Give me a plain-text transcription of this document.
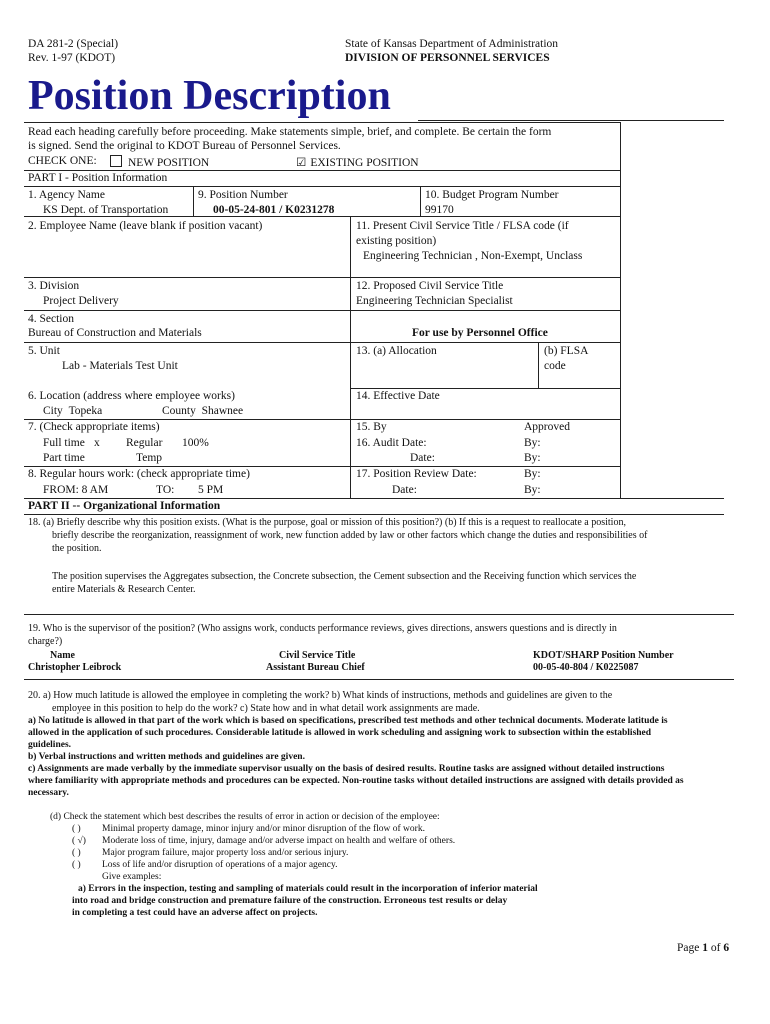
DA 281-2 (Special)
Rev. 1-97 (KDOT)
State of Kansas Department of Administration
DIVISION OF PERSONNEL SERVICES
Position Description
Read each heading carefully before proceeding. Make statements simple, brief, and complete. Be certain the form
is signed. Send the original to KDOT Bureau of Personnel Services.
CHECK ONE:	NEW POSITION	☑ EXISTING POSITION
PART I - Position Information
1. Agency Name
KS Dept. of Transportation
9. Position Number
00-05-24-801 / K0231278
10. Budget Program Number
99170
2. Employee Name (leave blank if position vacant)	11. Present Civil Service Title / FLSA code (if
existing position)
Engineering Technician , Non-Exempt, Unclass
3. Division
Project Delivery
12. Proposed Civil Service Title
Engineering Technician Specialist
4. Section
Bureau of Construction and Materials	For use by Personnel Office
5. Unit
Lab - Materials Test Unit
13. (a) Allocation	(b) FLSA
code
6. Location (address where employee works)
City Topeka	County Shawnee
14. Effective Date
7. (Check appropriate items)
Full time x Regular 100%
Part time	Temp
15. By	Approved
16. Audit Date:	By:
Date:	By:
8. Regular hours work: (check appropriate time)
FROM: 8 AM	TO: 5 PM
17. Position Review Date:	By:
Date:	By:
PART II -- Organizational Information
18. (a) Briefly describe why this position exists. (What is the purpose, goal or mission of this position?) (b) If this is a request to reallocate a position,
briefly describe the reorganization, reassignment of work, new function added by law or other factors which change the duties and responsibilities of
the position.
The position supervises the Aggregates subsection, the Concrete subsection, the Cement subsection and the Receiving function which services the
entire Materials & Research Center.
19. Who is the supervisor of the position? (Who assigns work, conducts performance reviews, gives directions, answers questions and is directly in
charge?)
Name
Christopher Leibrock
Civil Service Title
Assistant Bureau Chief
KDOT/SHARP Position Number
00-05-40-804 / K0225087
20. a) How much latitude is allowed the employee in completing the work? b) What kinds of instructions, methods and guidelines are given to the
employee in this position to help do the work? c) State how and in what detail work assignments are made.
a) No latitude is allowed in that part of the work which is based on specifications, prescribed test methods and other technical documents. Moderate latitude is
allowed in the application of such procedures. Considerable latitude is allowed in work scheduling and assigning work to subsection within the established
guidelines.
b) Verbal instructions and written methods and guidelines are given.
c) Assignments are made verbally by the immediate supervisor usually on the basis of desired results. Routine tasks are assigned without detailed instructions
where familiarity with appropriate methods and procedures can be expected. Non-routine tasks without detailed instructions are assigned with details provided as
necessary.
(d) Check the statement which best describes the results of error in action or decision of the employee:
( ) Minimal property damage, minor injury and/or minor disruption of the flow of work.
( √) Moderate loss of time, injury, damage and/or adverse impact on health and welfare of others.
( ) Major program failure, major property loss and/or serious injury.
( ) Loss of life and/or disruption of operations of a major agency.
Give examples:
a) Errors in the inspection, testing and sampling of materials could result in the incorporation of inferior material
into road and bridge construction and premature failure of the construction. Erroneous test results or delay
in completing a test could have an adverse affect on projects.
Page 1 of 6
